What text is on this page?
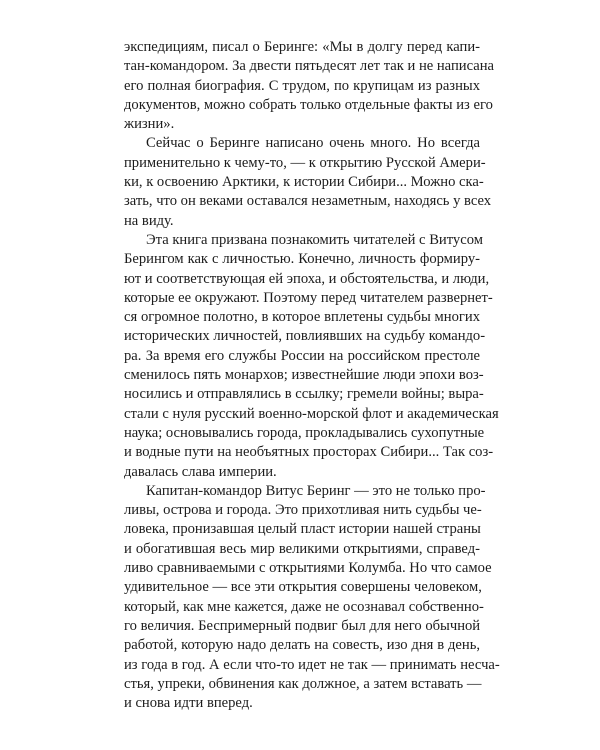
экспедициям, писал о Беринге: «Мы в долгу перед капи-
тан-командором. За двести пятьдесят лет так и не написана
его полная биография. С трудом, по крупицам из разных
документов, можно собрать только отдельные факты из его
жизни».

Сейчас о Беринге написано очень много. Но всегда
применительно к чему-то, — к открытию Русской Амери-
ки, к освоению Арктики, к истории Сибири... Можно ска-
зать, что он веками оставался незаметным, находясь у всех
на виду.

Эта книга призвана познакомить читателей с Витусом
Берингом как с личностью. Конечно, личность формиру-
ют и соответствующая ей эпоха, и обстоятельства, и люди,
которые ее окружают. Поэтому перед читателем развернет-
ся огромное полотно, в которое вплетены судьбы многих
исторических личностей, повлиявших на судьбу командо-
ра. За время его службы России на российском престоле
сменилось пять монархов; известнейшие люди эпохи воз-
носились и отправлялись в ссылку; гремели войны; выра-
стали с нуля русский военно-морской флот и академическая
наука; основывались города, прокладывались сухопутные
и водные пути на необъятных просторах Сибири... Так соз-
давалась слава империи.

Капитан-командор Витус Беринг — это не только про-
ливы, острова и города. Это прихотливая нить судьбы че-
ловека, пронизавшая целый пласт истории нашей страны
и обогатившая весь мир великими открытиями, справед-
ливо сравниваемыми с открытиями Колумба. Но что самое
удивительное — все эти открытия совершены человеком,
который, как мне кажется, даже не осознавал собственно-
го величия. Беспримерный подвиг был для него обычной
работой, которую надо делать на совесть, изо дня в день,
из года в год. А если что-то идет не так — принимать несча-
стья, упреки, обвинения как должное, а затем вставать —
и снова идти вперед.
